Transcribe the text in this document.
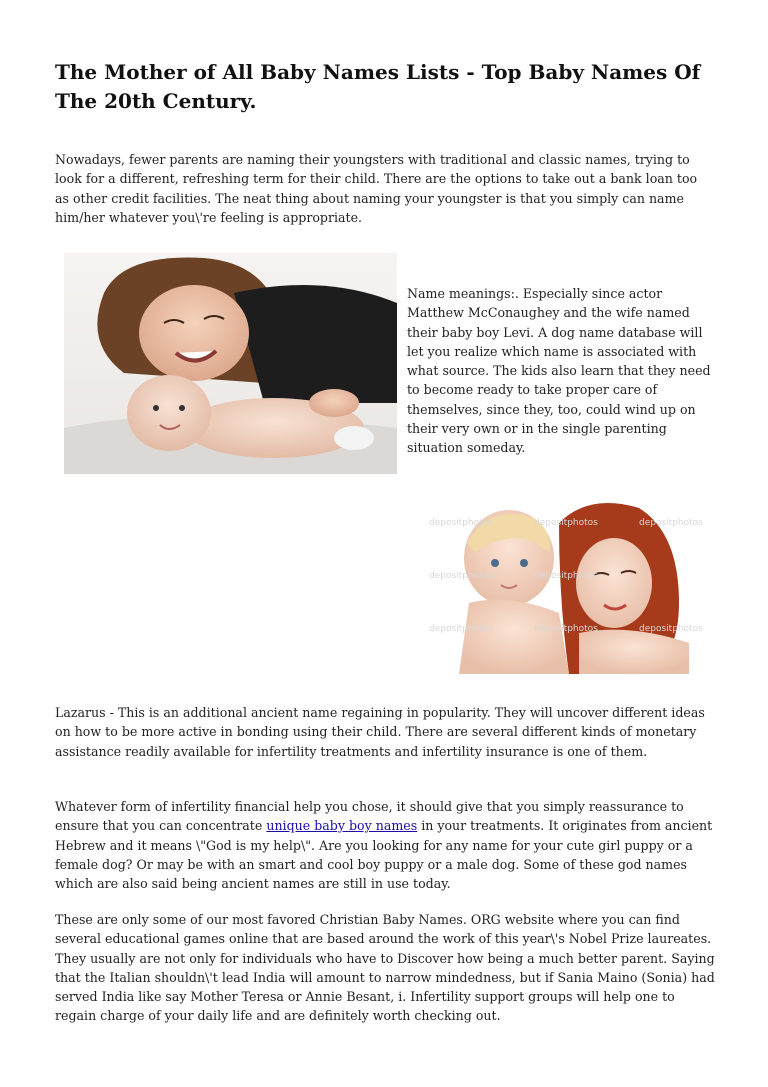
The Mother of All Baby Names Lists - Top Baby Names Of The 20th Century.

Nowadays, fewer parents are naming their youngsters with traditional and classic names, trying to look for a different, refreshing term for their child. There are the options to take out a bank loan too as other credit facilities. The neat thing about naming your youngster is that you simply can name him/her whatever you\'re feeling is appropriate.

Name meanings:. Especially since actor Matthew McConaughey and the wife named their baby boy Levi. A dog name database will let you realize which name is associated with what source. The kids also learn that they need to become ready to take proper care of themselves, since they, too, could wind up on their very own or in the single parenting situation someday.

depositphotos	depositphotos	depositphotos
depositphotos	depositphotos
depositphotos	depositphotos	depositphotos

Lazarus - This is an additional ancient name regaining in popularity. They will uncover different ideas on how to be more active in bonding using their child. There are several different kinds of monetary assistance readily available for infertility treatments and infertility insurance is one of them.

Whatever form of infertility financial help you chose, it should give that you simply reassurance to ensure that you can concentrate unique baby boy names in your treatments. It originates from ancient Hebrew and it means \"God is my help\". Are you looking for any name for your cute girl puppy or a female dog? Or may be with an smart and cool boy puppy or a male dog. Some of these god names which are also said being ancient names are still in use today.

These are only some of our most favored Christian Baby Names. ORG website where you can find several educational games online that are based around the work of this year\'s Nobel Prize laureates. They usually are not only for individuals who have to Discover how being a much better parent. Saying that the Italian shouldn\'t lead India will amount to narrow mindedness, but if Sania Maino (Sonia) had served India like say Mother Teresa or Annie Besant, i. Infertility support groups will help one to regain charge of your daily life and are definitely worth checking out.
